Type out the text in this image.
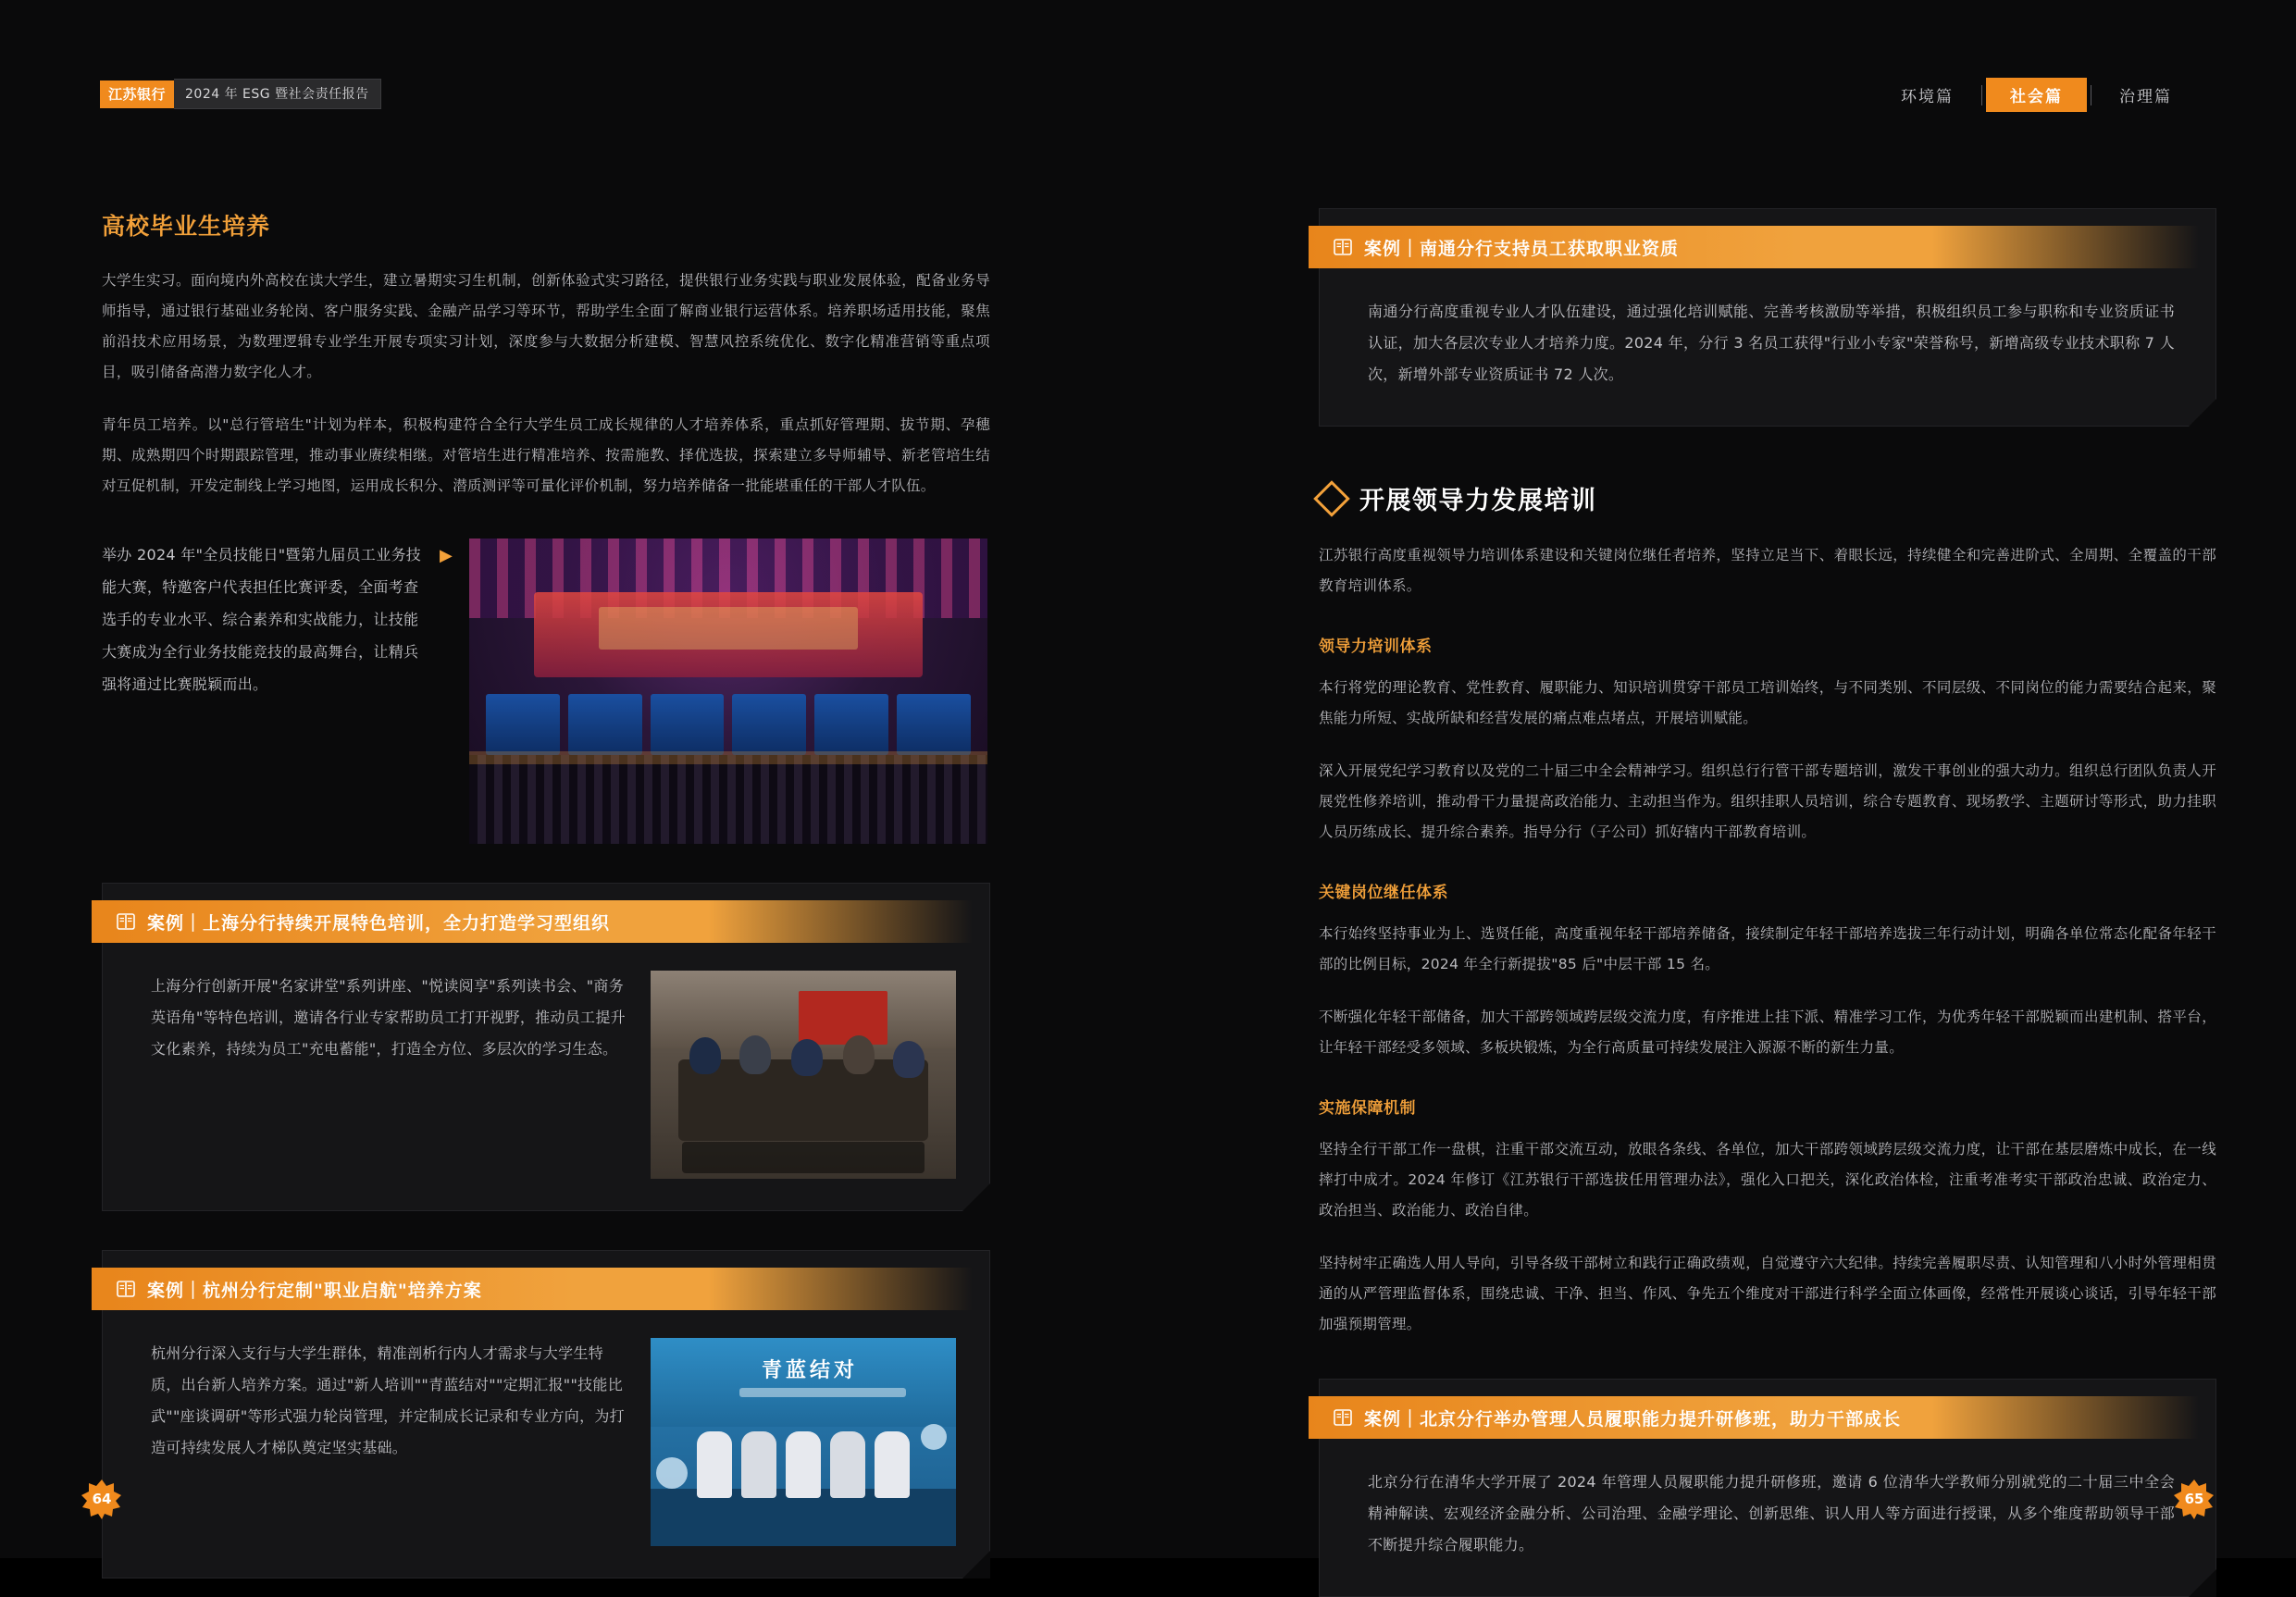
江苏银行	2024 年 ESG 暨社会责任报告	环境篇	社会篇	治理篇
高校毕业生培养

大学生实习。面向境内外高校在读大学生，建立暑期实习生机制，创新体验式实习路径，提供银行业务实践与职业发展体验，配备业务导师指导，通过银行基础业务轮岗、客户服务实践、金融产品学习等环节，帮助学生全面了解商业银行运营体系。培养职场适用技能，聚焦前沿技术应用场景，为数理逻辑专业学生开展专项实习计划，深度参与大数据分析建模、智慧风控系统优化、数字化精准营销等重点项目，吸引储备高潜力数字化人才。

青年员工培养。以"总行管培生"计划为样本，积极构建符合全行大学生员工成长规律的人才培养体系，重点抓好管理期、拔节期、孕穗期、成熟期四个时期跟踪管理，推动事业赓续相继。对管培生进行精准培养、按需施教、择优选拔，探索建立多导师辅导、新老管培生结对互促机制，开发定制线上学习地图，运用成长积分、潜质测评等可量化评价机制，努力培养储备一批能堪重任的干部人才队伍。

举办 2024 年"全员技能日"暨第九届员工业务技能大赛，特邀客户代表担任比赛评委，全面考查选手的专业水平、综合素养和实战能力，让技能大赛成为全行业务技能竞技的最高舞台，让精兵强将通过比赛脱颖而出。
▶
案例｜上海分行持续开展特色培训，全力打造学习型组织
上海分行创新开展"名家讲堂"系列讲座、"悦读阅享"系列读书会、"商务英语角"等特色培训，邀请各行业专家帮助员工打开视野，推动员工提升文化素养，持续为员工"充电蓄能"，打造全方位、多层次的学习生态。
案例｜杭州分行定制"职业启航"培养方案
杭州分行深入支行与大学生群体，精准剖析行内人才需求与大学生特质，出台新人培养方案。通过"新人培训""青蓝结对""定期汇报""技能比武""座谈调研"等形式强力轮岗管理，并定制成长记录和专业方向，为打造可持续发展人才梯队奠定坚实基础。
青蓝结对
案例｜南通分行支持员工获取职业资质
南通分行高度重视专业人才队伍建设，通过强化培训赋能、完善考核激励等举措，积极组织员工参与职称和专业资质证书认证，加大各层次专业人才培养力度。2024 年，分行 3 名员工获得"行业小专家"荣誉称号，新增高级专业技术职称 7 人次，新增外部专业资质证书 72 人次。
开展领导力发展培训

江苏银行高度重视领导力培训体系建设和关键岗位继任者培养，坚持立足当下、着眼长远，持续健全和完善进阶式、全周期、全覆盖的干部教育培训体系。

领导力培训体系

本行将党的理论教育、党性教育、履职能力、知识培训贯穿干部员工培训始终，与不同类别、不同层级、不同岗位的能力需要结合起来，聚焦能力所短、实战所缺和经营发展的痛点难点堵点，开展培训赋能。

深入开展党纪学习教育以及党的二十届三中全会精神学习。组织总行行管干部专题培训，激发干事创业的强大动力。组织总行团队负责人开展党性修养培训，推动骨干力量提高政治能力、主动担当作为。组织挂职人员培训，综合专题教育、现场教学、主题研讨等形式，助力挂职人员历练成长、提升综合素养。指导分行（子公司）抓好辖内干部教育培训。

关键岗位继任体系

本行始终坚持事业为上、选贤任能，高度重视年轻干部培养储备，接续制定年轻干部培养选拔三年行动计划，明确各单位常态化配备年轻干部的比例目标，2024 年全行新提拔"85 后"中层干部 15 名。

不断强化年轻干部储备，加大干部跨领域跨层级交流力度，有序推进上挂下派、精准学习工作，为优秀年轻干部脱颖而出建机制、搭平台，让年轻干部经受多领域、多板块锻炼，为全行高质量可持续发展注入源源不断的新生力量。

实施保障机制

坚持全行干部工作一盘棋，注重干部交流互动，放眼各条线、各单位，加大干部跨领域跨层级交流力度，让干部在基层磨炼中成长，在一线摔打中成才。2024 年修订《江苏银行干部选拔任用管理办法》，强化入口把关，深化政治体检，注重考准考实干部政治忠诚、政治定力、政治担当、政治能力、政治自律。

坚持树牢正确选人用人导向，引导各级干部树立和践行正确政绩观，自觉遵守六大纪律。持续完善履职尽责、认知管理和八小时外管理相贯通的从严管理监督体系，围绕忠诚、干净、担当、作风、争先五个维度对干部进行科学全面立体画像，经常性开展谈心谈话，引导年轻干部加强预期管理。

案例｜北京分行举办管理人员履职能力提升研修班，助力干部成长
北京分行在清华大学开展了 2024 年管理人员履职能力提升研修班，邀请 6 位清华大学教师分别就党的二十届三中全会精神解读、宏观经济金融分析、公司治理、金融学理论、创新思维、识人用人等方面进行授课，从多个维度帮助领导干部不断提升综合履职能力。
64	65
